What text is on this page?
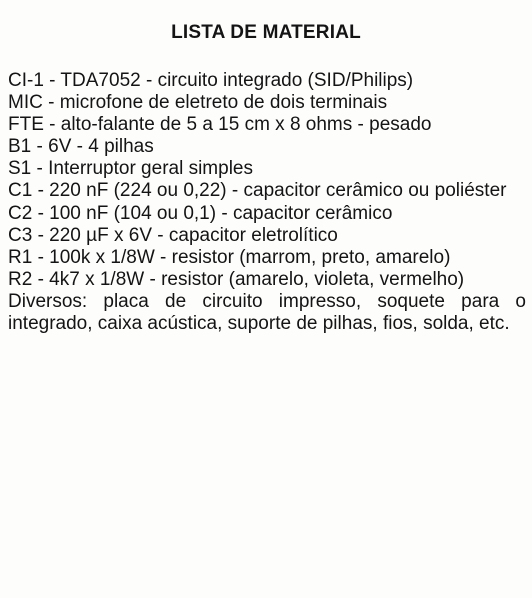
LISTA DE MATERIAL
CI-1 - TDA7052 - circuito integrado (SID/Philips)
MIC - microfone de eletreto de dois terminais
FTE - alto-falante de 5 a 15 cm x 8 ohms - pesado
B1 - 6V - 4 pilhas
S1 - Interruptor geral simples
C1 - 220 nF (224 ou 0,22) - capacitor cerâmico ou poliéster
C2 - 100 nF (104 ou 0,1) - capacitor cerâmico
C3 - 220 µF x 6V - capacitor eletrolítico
R1 - 100k x 1/8W - resistor (marrom, preto, amarelo)
R2 - 4k7 x 1/8W - resistor (amarelo, violeta, vermelho)
Diversos: placa de circuito impresso, soquete para o integrado, caixa acústica, suporte de pilhas, fios, solda, etc.
